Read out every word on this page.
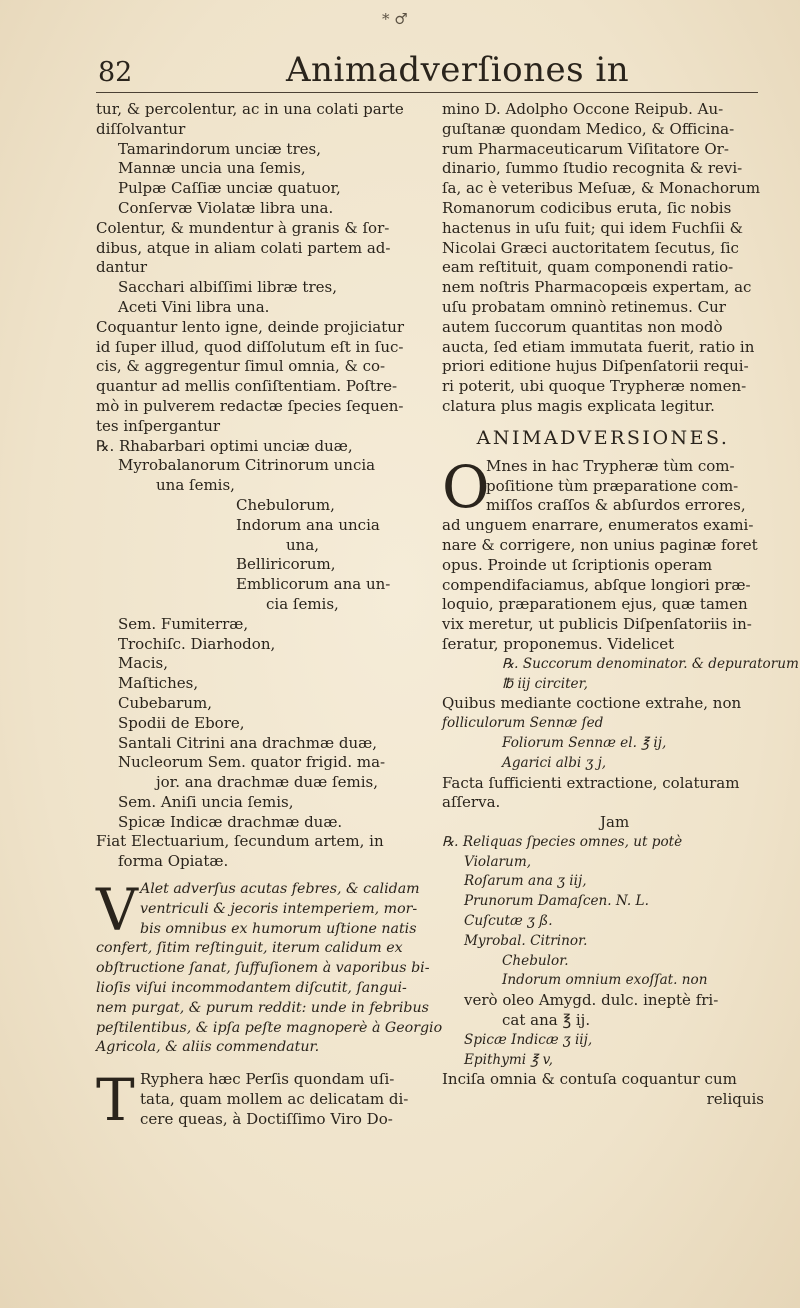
* ♂
82	Animadverſiones in
tur, & percolentur, ac in una colati parte
diſſolvantur
Tamarindorum unciæ tres,
Mannæ uncia una ſemis,
Pulpæ Caſſiæ unciæ quatuor,
Conſervæ Violatæ libra una.
Colentur, & mundentur à granis & ſor-
dibus, atque in aliam colati partem ad-
dantur
Sacchari albiſſimi libræ tres,
Aceti Vini libra una.
Coquantur lento igne, deinde projiciatur
id ſuper illud, quod diſſolutum eſt in ſuc-
cis, & aggregentur ſimul omnia, & co-
quantur ad mellis conſiſtentiam. Poſtre-
mò in pulverem redactæ ſpecies ſequen-
tes inſpergantur
℞. Rhabarbari optimi unciæ duæ,
Myrobalanorum Citrinorum uncia
una ſemis,
Chebulorum,
Indorum ana uncia
una,
Belliricorum,
Emblicorum ana un-
cia ſemis,
Sem. Fumiterræ,
Trochiſc. Diarhodon,
Macis,
Maſtiches,
Cubebarum,
Spodii de Ebore,
Santali Citrini ana drachmæ duæ,
Nucleorum Sem. quator frigid. ma-
jor. ana drachmæ duæ ſemis,
Sem. Aniſi uncia ſemis,
Spicæ Indicæ drachmæ duæ.
Fiat Electuarium, ſecundum artem, in
forma Opiatæ.
V Alet adverſus acutas febres, & calidam
ventriculi & jecoris intemperiem, mor-
bis omnibus ex humorum uſtione natis
confert, ſitim reſtinguit, iterum calidum ex
obſtructione ſanat, ſuffuſionem à vaporibus bi-
lioſis viſui incommodantem diſcutit, ſangui-
nem purgat, & purum reddit: unde in febribus
peſtilentibus, & ipſa peſte magnoperè à Georgio
Agricola, & aliis commendatur.
T Ryphera hæc Perſis quondam uſi-
tata, quam mollem ac delicatam di-
cere queas, à Doctiſſimo Viro Do-
mino D. Adolpho Occone Reipub. Au-
guſtanæ quondam Medico, & Officina-
rum Pharmaceuticarum Viſitatore Or-
dinario, ſummo ſtudio recognita & revi-
ſa, ac è veteribus Meſuæ, & Monachorum
Romanorum codicibus eruta, ſic nobis
hactenus in uſu fuit; qui idem Fuchſii &
Nicolai Græci auctoritatem ſecutus, ſic
eam reſtituit, quam componendi ratio-
nem noſtris Pharmacopœis expertam, ac
uſu probatam omninò retinemus. Cur
autem ſuccorum quantitas non modò
aucta, ſed etiam immutata fuerit, ratio in
priori editione hujus Diſpenſatorii requi-
ri poterit, ubi quoque Trypheræ nomen-
clatura plus magis explicata legitur.
ANIMADVERSIONES.
O
Mnes in hac Trypheræ tùm com-
poſitione tùm præparatione com-
miſſos craſſos & abſurdos errores,
ad unguem enarrare, enumeratos exami-
nare & corrigere, non unius paginæ foret
opus. Proinde ut ſcriptionis operam
compendifaciamus, abſque longiori præ-
loquio, præparationem ejus, quæ tamen
vix meretur, ut publicis Diſpenſatoriis in-
ſeratur, proponemus. Videlicet
℞. Succorum denominator. & depuratorum
℔ iij circiter,
Quibus mediante coctione extrahe, non
folliculorum Sennæ ſed
Foliorum Sennæ el. ℥ ij,
Agarici albi ʒ j,
Facta ſufficienti extractione, colaturam
aſſerva.
Jam
℞. Reliquas ſpecies omnes, ut potè
Violarum,
Roſarum ana ʒ iij,
Prunorum Damaſcen. N. L.
Cuſcutæ ʒ ß.
Myrobal. Citrinor.
Chebulor.
Indorum omnium exoſſat. non
verò oleo Amygd. dulc. ineptè fri-
cat ana ℥ ij.
Spicæ Indicæ ʒ iij,
Epithymi ℥ v,
Inciſa omnia & contuſa coquantur cum
reliquis
